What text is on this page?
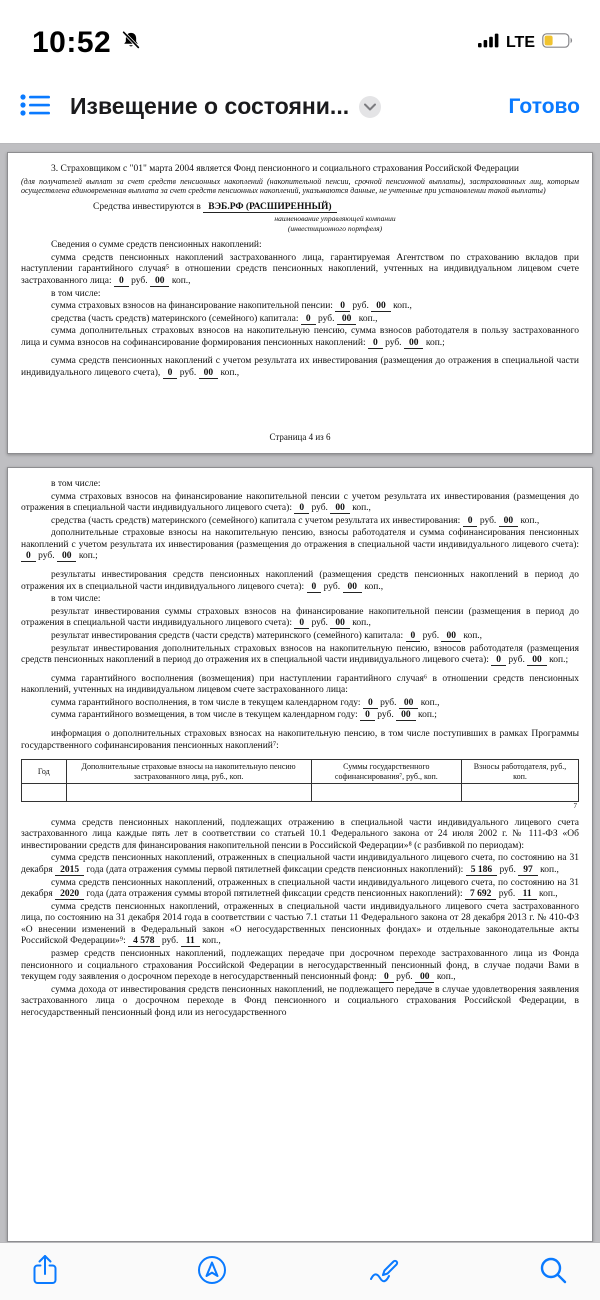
10:52	LTE
Извещение о состояни...	Готово

3. Страховщиком с "01" марта 2004 является Фонд пенсионного и социального страхования Российской Федерации

(для получателей выплат за счет средств пенсионных накоплений (накопительной пенсии, срочной пенсионной выплаты), застрахованных лиц, которым осуществлена единовременная выплата за счет средств пенсионных накоплений, указываются данные, не учтенные при установлении такой выплаты)

Средства инвестируются в ВЭБ.РФ (РАСШИРЕННЫЙ)

наименование управляющей компании

(инвестиционного портфеля)

Сведения о сумме средств пенсионных накоплений:

сумма средств пенсионных накоплений застрахованного лица, гарантируемая Агентством по страхованию вкладов при наступлении гарантийного случая⁵ в отношении средств пенсионных накоплений, учтенных на индивидуальном лицевом счете застрахованного лица: 0 руб. 00 коп.,

в том числе:

сумма страховых взносов на финансирование накопительной пенсии: 0 руб. 00 коп.,

средства (часть средств) материнского (семейного) капитала: 0 руб. 00 коп.,

сумма дополнительных страховых взносов на накопительную пенсию, сумма взносов работодателя в пользу застрахованного лица и сумма взносов на софинансирование формирования пенсионных накоплений: 0 руб. 00 коп.;

сумма средств пенсионных накоплений с учетом результата их инвестирования (размещения до отражения в специальной части индивидуального лицевого счета), 0 руб. 00 коп.,

Страница 4 из 6

в том числе:

сумма страховых взносов на финансирование накопительной пенсии с учетом результата их инвестирования (размещения до отражения в специальной части индивидуального лицевого счета): 0 руб. 00 коп.,

средства (часть средств) материнского (семейного) капитала с учетом результата их инвестирования: 0 руб. 00 коп.,

дополнительные страховые взносы на накопительную пенсию, взносы работодателя и сумма софинансирования пенсионных накоплений с учетом результата их инвестирования (размещения до отражения в специальной части индивидуального лицевого счета): 0 руб. 00 коп.;

результаты инвестирования средств пенсионных накоплений (размещения средств пенсионных накоплений в период до отражения их в специальной части индивидуального лицевого счета): 0 руб. 00 коп.,

в том числе:

результат инвестирования суммы страховых взносов на финансирование накопительной пенсии (размещения в период до отражения в специальной части индивидуального лицевого счета): 0 руб. 00 коп.,

результат инвестирования средств (части средств) материнского (семейного) капитала: 0 руб. 00 коп.,

результат инвестирования дополнительных страховых взносов на накопительную пенсию, взносов работодателя (размещения средств пенсионных накоплений в период до отражения их в специальной части индивидуального лицевого счета): 0 руб. 00 коп.;

сумма гарантийного восполнения (возмещения) при наступлении гарантийного случая⁶ в отношении средств пенсионных накоплений, учтенных на индивидуальном лицевом счете застрахованного лица:

сумма гарантийного восполнения, в том числе в текущем календарном году: 0 руб. 00 коп.,

сумма гарантийного возмещения, в том числе в текущем календарном году: 0 руб. 00 коп.;

информация о дополнительных страховых взносах на накопительную пенсию, в том числе поступивших в рамках Программы государственного софинансирования пенсионных накоплений⁷:

Год	Дополнительные страховые взносы на накопительную пенсию застрахованного лица, руб., коп.	Суммы государственного софинансирования⁷, руб., коп.	Взносы работодателя, руб., коп.

7

сумма средств пенсионных накоплений, подлежащих отражению в специальной части индивидуального лицевого счета застрахованного лица каждые пять лет в соответствии со статьей 10.1 Федерального закона от 24 июля 2002 г. № 111-ФЗ «Об инвестировании средств для финансирования накопительной пенсии в Российской Федерации»⁸ (с разбивкой по периодам):

сумма средств пенсионных накоплений, отраженных в специальной части индивидуального лицевого счета, по состоянию на 31 декабря 2015 года (дата отражения суммы первой пятилетней фиксации средств пенсионных накоплений): 5 186 руб. 97 коп.,

сумма средств пенсионных накоплений, отраженных в специальной части индивидуального лицевого счета, по состоянию на 31 декабря 2020 года (дата отражения суммы второй пятилетней фиксации средств пенсионных накоплений): 7 692 руб. 11 коп.,

сумма средств пенсионных накоплений, отраженных в специальной части индивидуального лицевого счета застрахованного лица, по состоянию на 31 декабря 2014 года в соответствии с частью 7.1 статьи 11 Федерального закона от 28 декабря 2013 г. № 410-ФЗ «О внесении изменений в Федеральный закон «О негосударственных пенсионных фондах» и отдельные законодательные акты Российской Федерации»⁹: 4 578 руб. 11 коп.,

размер средств пенсионных накоплений, подлежащих передаче при досрочном переходе застрахованного лица из Фонда пенсионного и социального страхования Российской Федерации в негосударственный пенсионный фонд, в случае подачи Вами в текущем году заявления о досрочном переходе в негосударственный пенсионный фонд: 0 руб. 00 коп.,

сумма дохода от инвестирования средств пенсионных накоплений, не подлежащего передаче в случае удовлетворения заявления застрахованного лица о досрочном переходе в Фонд пенсионного и социального страхования Российской Федерации, в негосударственный пенсионный фонд или из негосударственного
